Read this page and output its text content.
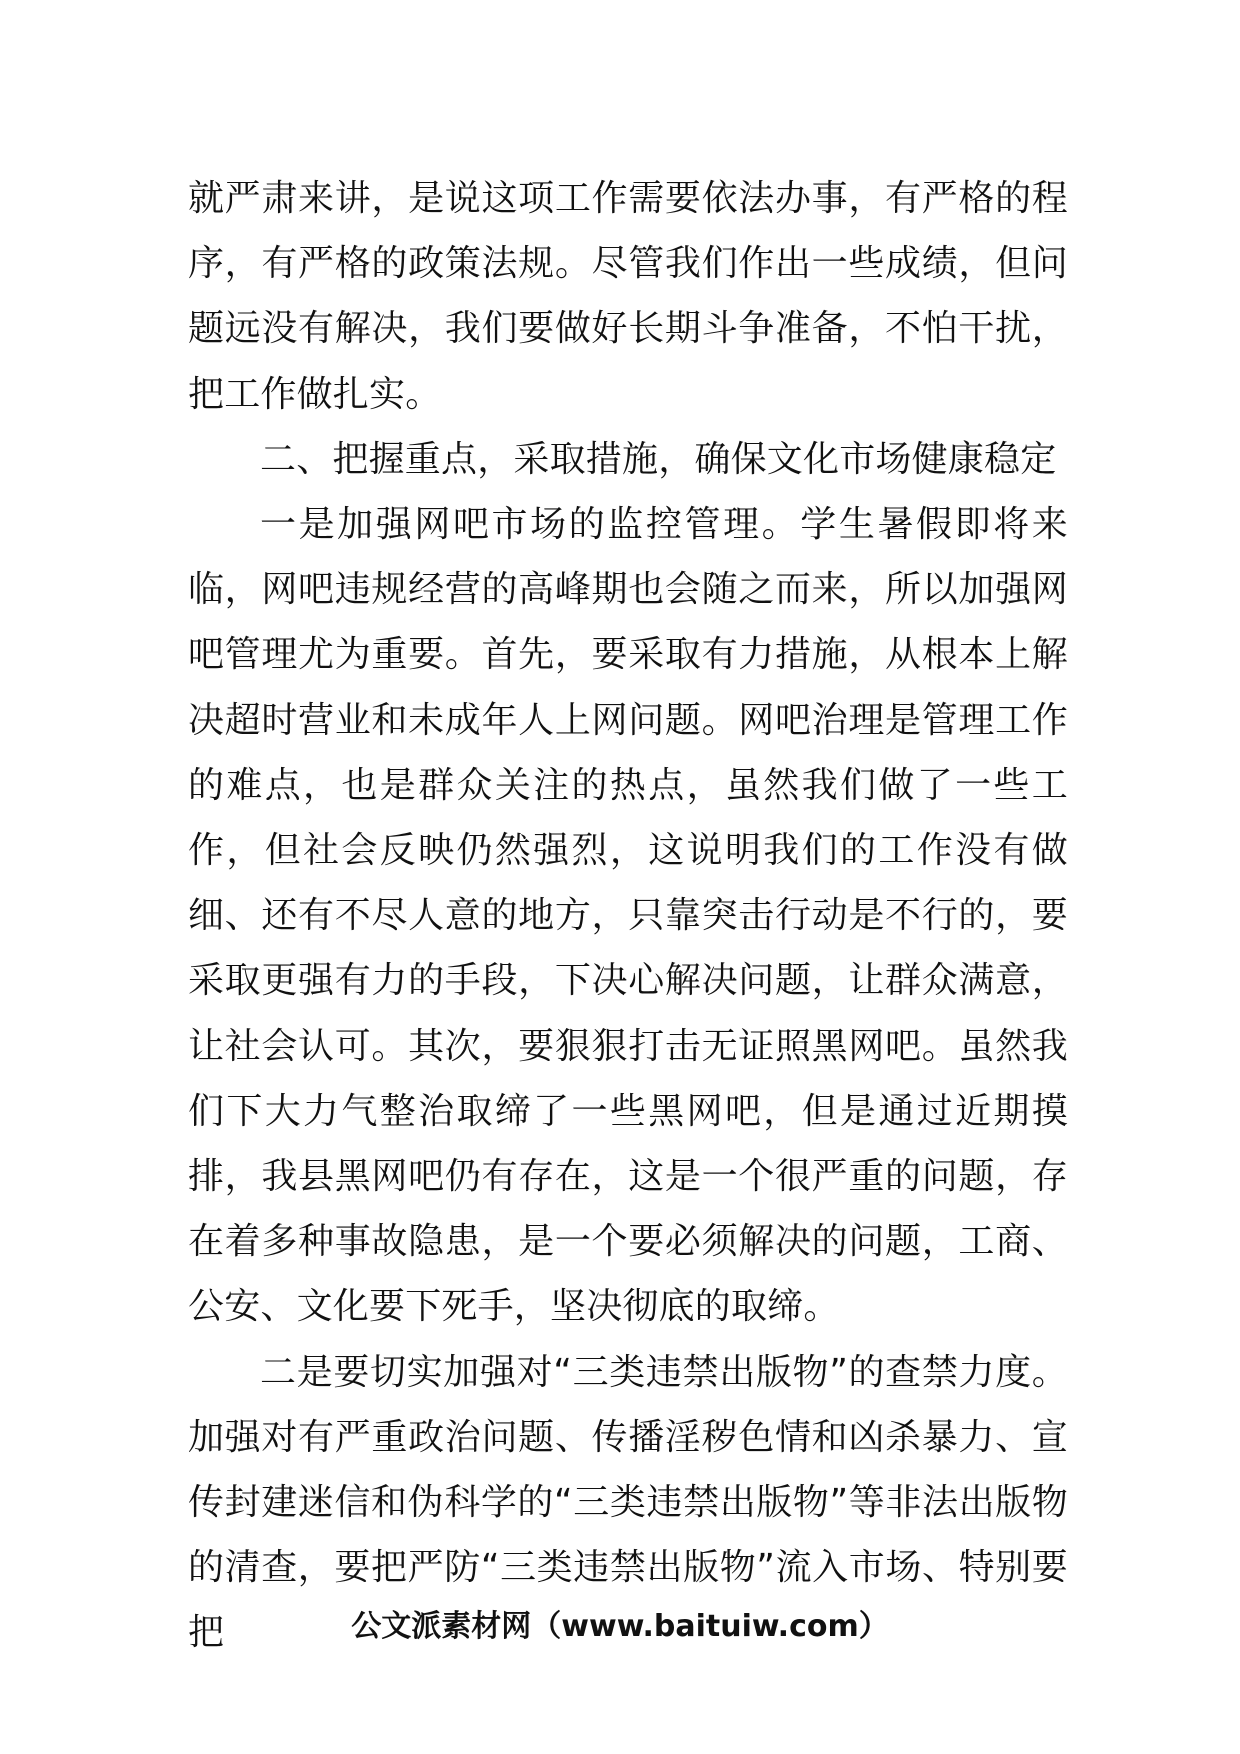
就严肃来讲，是说这项工作需要依法办事，有严格的程序，有严格的政策法规。尽管我们作出一些成绩，但问题远没有解决，我们要做好长期斗争准备，不怕干扰，把工作做扎实。

二、把握重点，采取措施，确保文化市场健康稳定

一是加强网吧市场的监控管理。学生暑假即将来临，网吧违规经营的高峰期也会随之而来，所以加强网吧管理尤为重要。首先，要采取有力措施，从根本上解决超时营业和未成年人上网问题。网吧治理是管理工作的难点，也是群众关注的热点，虽然我们做了一些工作，但社会反映仍然强烈，这说明我们的工作没有做细、还有不尽人意的地方，只靠突击行动是不行的，要采取更强有力的手段，下决心解决问题，让群众满意，让社会认可。其次，要狠狠打击无证照黑网吧。虽然我们下大力气整治取缔了一些黑网吧，但是通过近期摸排，我县黑网吧仍有存在，这是一个很严重的问题，存在着多种事故隐患，是一个要必须解决的问题，工商、公安、文化要下死手，坚决彻底的取缔。

二是要切实加强对“三类违禁出版物”的查禁力度。加强对有严重政治问题、传播淫秽色情和凶杀暴力、宣传封建迷信和伪科学的“三类违禁出版物”等非法出版物的清查，要把严防“三类违禁出版物”流入市场、特别要把	公文派素材网（www.baituiw.com）
